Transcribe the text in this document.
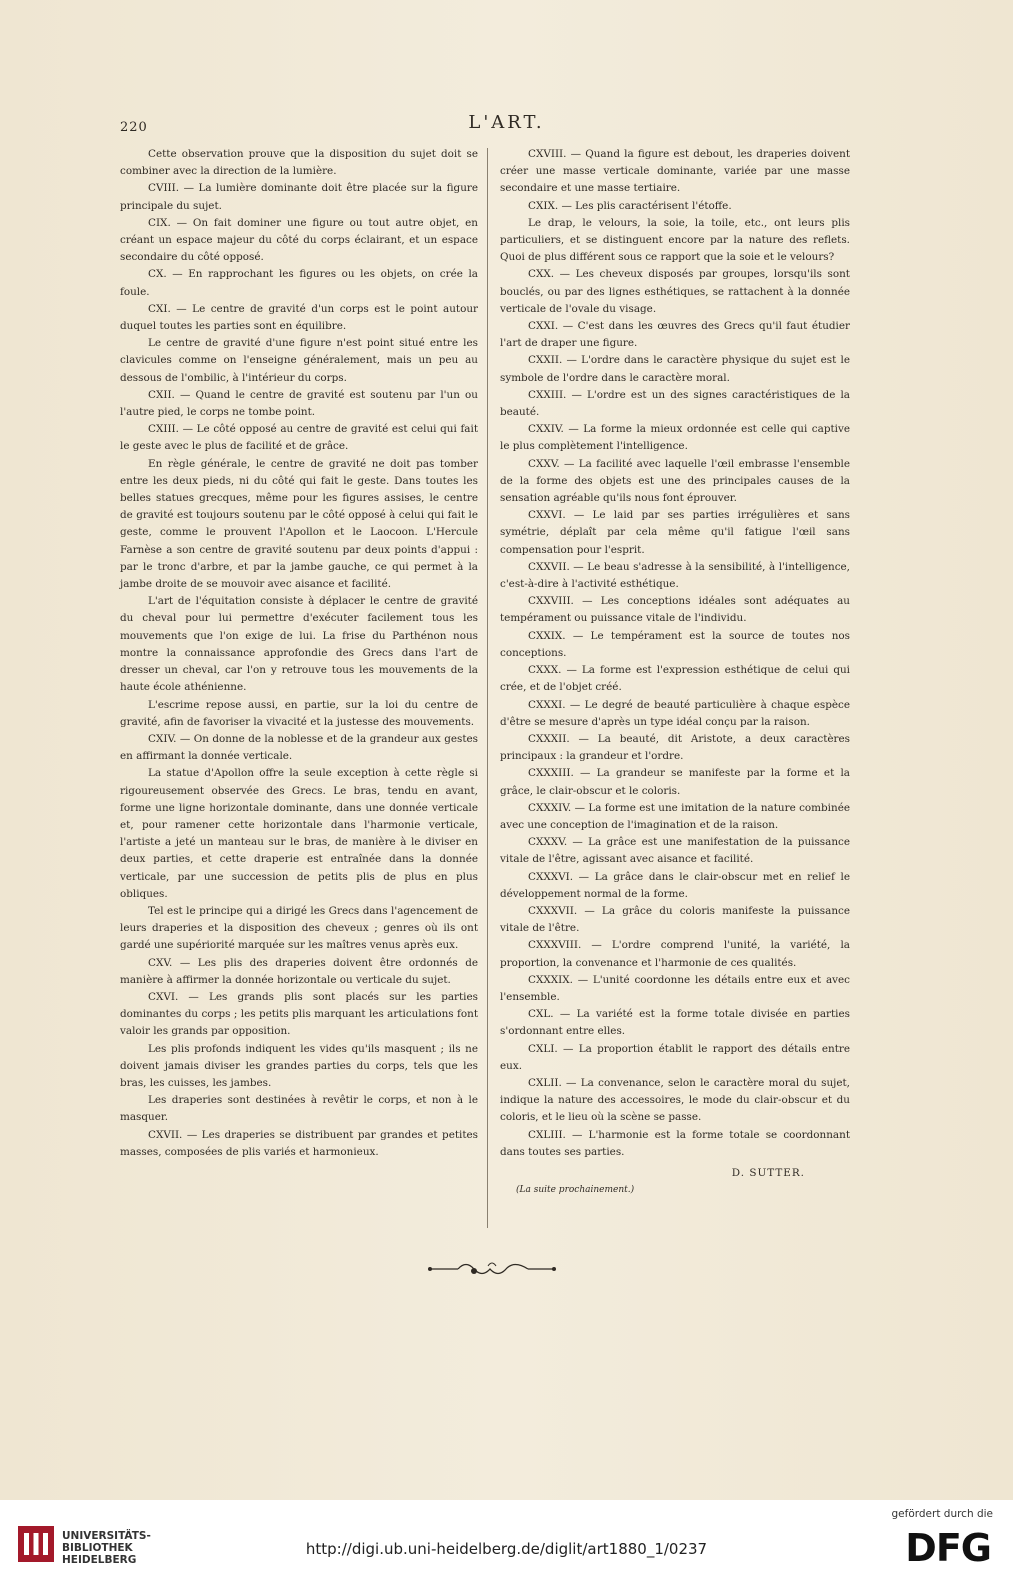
220	L'ART.

Cette observation prouve que la disposition du sujet doit se combiner avec la direction de la lumière.

CVIII. — La lumière dominante doit être placée sur la figure principale du sujet.

CIX. — On fait dominer une figure ou tout autre objet, en créant un espace majeur du côté du corps éclairant, et un espace secondaire du côté opposé.

CX. — En rapprochant les figures ou les objets, on crée la foule.

CXI. — Le centre de gravité d'un corps est le point autour duquel toutes les parties sont en équilibre.

Le centre de gravité d'une figure n'est point situé entre les clavicules comme on l'enseigne généralement, mais un peu au dessous de l'ombilic, à l'intérieur du corps.

CXII. — Quand le centre de gravité est soutenu par l'un ou l'autre pied, le corps ne tombe point.

CXIII. — Le côté opposé au centre de gravité est celui qui fait le geste avec le plus de facilité et de grâce.

En règle générale, le centre de gravité ne doit pas tomber entre les deux pieds, ni du côté qui fait le geste. Dans toutes les belles statues grecques, même pour les figures assises, le centre de gravité est toujours soutenu par le côté opposé à celui qui fait le geste, comme le prouvent l'Apollon et le Laocoon. L'Hercule Farnèse a son centre de gravité soutenu par deux points d'appui : par le tronc d'arbre, et par la jambe gauche, ce qui permet à la jambe droite de se mouvoir avec aisance et facilité.

L'art de l'équitation consiste à déplacer le centre de gravité du cheval pour lui permettre d'exécuter facilement tous les mouvements que l'on exige de lui. La frise du Parthénon nous montre la connaissance approfondie des Grecs dans l'art de dresser un cheval, car l'on y retrouve tous les mouvements de la haute école athénienne.

L'escrime repose aussi, en partie, sur la loi du centre de gravité, afin de favoriser la vivacité et la justesse des mouvements.

CXIV. — On donne de la noblesse et de la grandeur aux gestes en affirmant la donnée verticale.

La statue d'Apollon offre la seule exception à cette règle si rigoureusement observée des Grecs. Le bras, tendu en avant, forme une ligne horizontale dominante, dans une donnée verticale et, pour ramener cette horizontale dans l'harmonie verticale, l'artiste a jeté un manteau sur le bras, de manière à le diviser en deux parties, et cette draperie est entraînée dans la donnée verticale, par une succession de petits plis de plus en plus obliques.

Tel est le principe qui a dirigé les Grecs dans l'agencement de leurs draperies et la disposition des cheveux ; genres où ils ont gardé une supériorité marquée sur les maîtres venus après eux.

CXV. — Les plis des draperies doivent être ordonnés de manière à affirmer la donnée horizontale ou verticale du sujet.

CXVI. — Les grands plis sont placés sur les parties dominantes du corps ; les petits plis marquant les articulations font valoir les grands par opposition.

Les plis profonds indiquent les vides qu'ils masquent ; ils ne doivent jamais diviser les grandes parties du corps, tels que les bras, les cuisses, les jambes.

Les draperies sont destinées à revêtir le corps, et non à le masquer.

CXVII. — Les draperies se distribuent par grandes et petites masses, composées de plis variés et harmonieux.

CXVIII. — Quand la figure est debout, les draperies doivent créer une masse verticale dominante, variée par une masse secondaire et une masse tertiaire.

CXIX. — Les plis caractérisent l'étoffe.

Le drap, le velours, la soie, la toile, etc., ont leurs plis particuliers, et se distinguent encore par la nature des reflets. Quoi de plus différent sous ce rapport que la soie et le velours?

CXX. — Les cheveux disposés par groupes, lorsqu'ils sont bouclés, ou par des lignes esthétiques, se rattachent à la donnée verticale de l'ovale du visage.

CXXI. — C'est dans les œuvres des Grecs qu'il faut étudier l'art de draper une figure.

CXXII. — L'ordre dans le caractère physique du sujet est le symbole de l'ordre dans le caractère moral.

CXXIII. — L'ordre est un des signes caractéristiques de la beauté.

CXXIV. — La forme la mieux ordonnée est celle qui captive le plus complètement l'intelligence.

CXXV. — La facilité avec laquelle l'œil embrasse l'ensemble de la forme des objets est une des principales causes de la sensation agréable qu'ils nous font éprouver.

CXXVI. — Le laid par ses parties irrégulières et sans symétrie, déplaît par cela même qu'il fatigue l'œil sans compensation pour l'esprit.

CXXVII. — Le beau s'adresse à la sensibilité, à l'intelligence, c'est-à-dire à l'activité esthétique.

CXXVIII. — Les conceptions idéales sont adéquates au tempérament ou puissance vitale de l'individu.

CXXIX. — Le tempérament est la source de toutes nos conceptions.

CXXX. — La forme est l'expression esthétique de celui qui crée, et de l'objet créé.

CXXXI. — Le degré de beauté particulière à chaque espèce d'être se mesure d'après un type idéal conçu par la raison.

CXXXII. — La beauté, dit Aristote, a deux caractères principaux : la grandeur et l'ordre.

CXXXIII. — La grandeur se manifeste par la forme et la grâce, le clair-obscur et le coloris.

CXXXIV. — La forme est une imitation de la nature combinée avec une conception de l'imagination et de la raison.

CXXXV. — La grâce est une manifestation de la puissance vitale de l'être, agissant avec aisance et facilité.

CXXXVI. — La grâce dans le clair-obscur met en relief le développement normal de la forme.

CXXXVII. — La grâce du coloris manifeste la puissance vitale de l'être.

CXXXVIII. — L'ordre comprend l'unité, la variété, la proportion, la convenance et l'harmonie de ces qualités.

CXXXIX. — L'unité coordonne les détails entre eux et avec l'ensemble.

CXL. — La variété est la forme totale divisée en parties s'ordonnant entre elles.

CXLI. — La proportion établit le rapport des détails entre eux.

CXLII. — La convenance, selon le caractère moral du sujet, indique la nature des accessoires, le mode du clair-obscur et du coloris, et le lieu où la scène se passe.

CXLIII. — L'harmonie est la forme totale se coordonnant dans toutes ses parties.

D. SUTTER.

(La suite prochainement.)

UNIVERSITÄTS-
BIBLIOTHEK
HEIDELBERG
http://digi.ub.uni-heidelberg.de/diglit/art1880_1/0237
gefördert durch die
DFG
